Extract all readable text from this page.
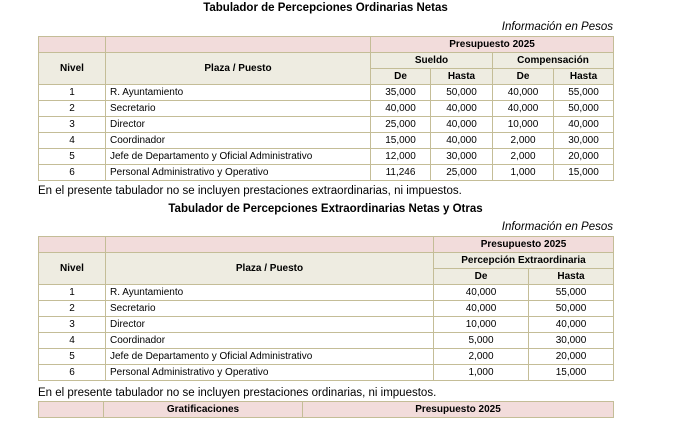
Tabulador de Percepciones Ordinarias Netas
Información en Pesos
		Presupuesto 2025			
Nivel	Plaza / Puesto	Sueldo		Compensación	
		De	Hasta	De	Hasta
1	R. Ayuntamiento	35,000	50,000	40,000	55,000
2	Secretario	40,000	40,000	40,000	50,000
3	Director	25,000	40,000	10,000	40,000
4	Coordinador	15,000	40,000	2,000	30,000
5	Jefe de Departamento y Oficial Administrativo	12,000	30,000	2,000	20,000
6	Personal Administrativo y Operativo	11,246	25,000	1,000	15,000
En el presente tabulador no se incluyen prestaciones extraordinarias, ni impuestos.
Tabulador de Percepciones Extraordinarias Netas y Otras
Información en Pesos
		Presupuesto 2025	
Nivel	Plaza / Puesto	Percepción Extraordinaria	
		De	Hasta
1	R. Ayuntamiento	40,000	55,000
2	Secretario	40,000	50,000
3	Director	10,000	40,000
4	Coordinador	5,000	30,000
5	Jefe de Departamento y Oficial Administrativo	2,000	20,000
6	Personal Administrativo y Operativo	1,000	15,000
En el presente tabulador no se incluyen prestaciones ordinarias, ni impuestos.
	Gratificaciones	Presupuesto 2025
